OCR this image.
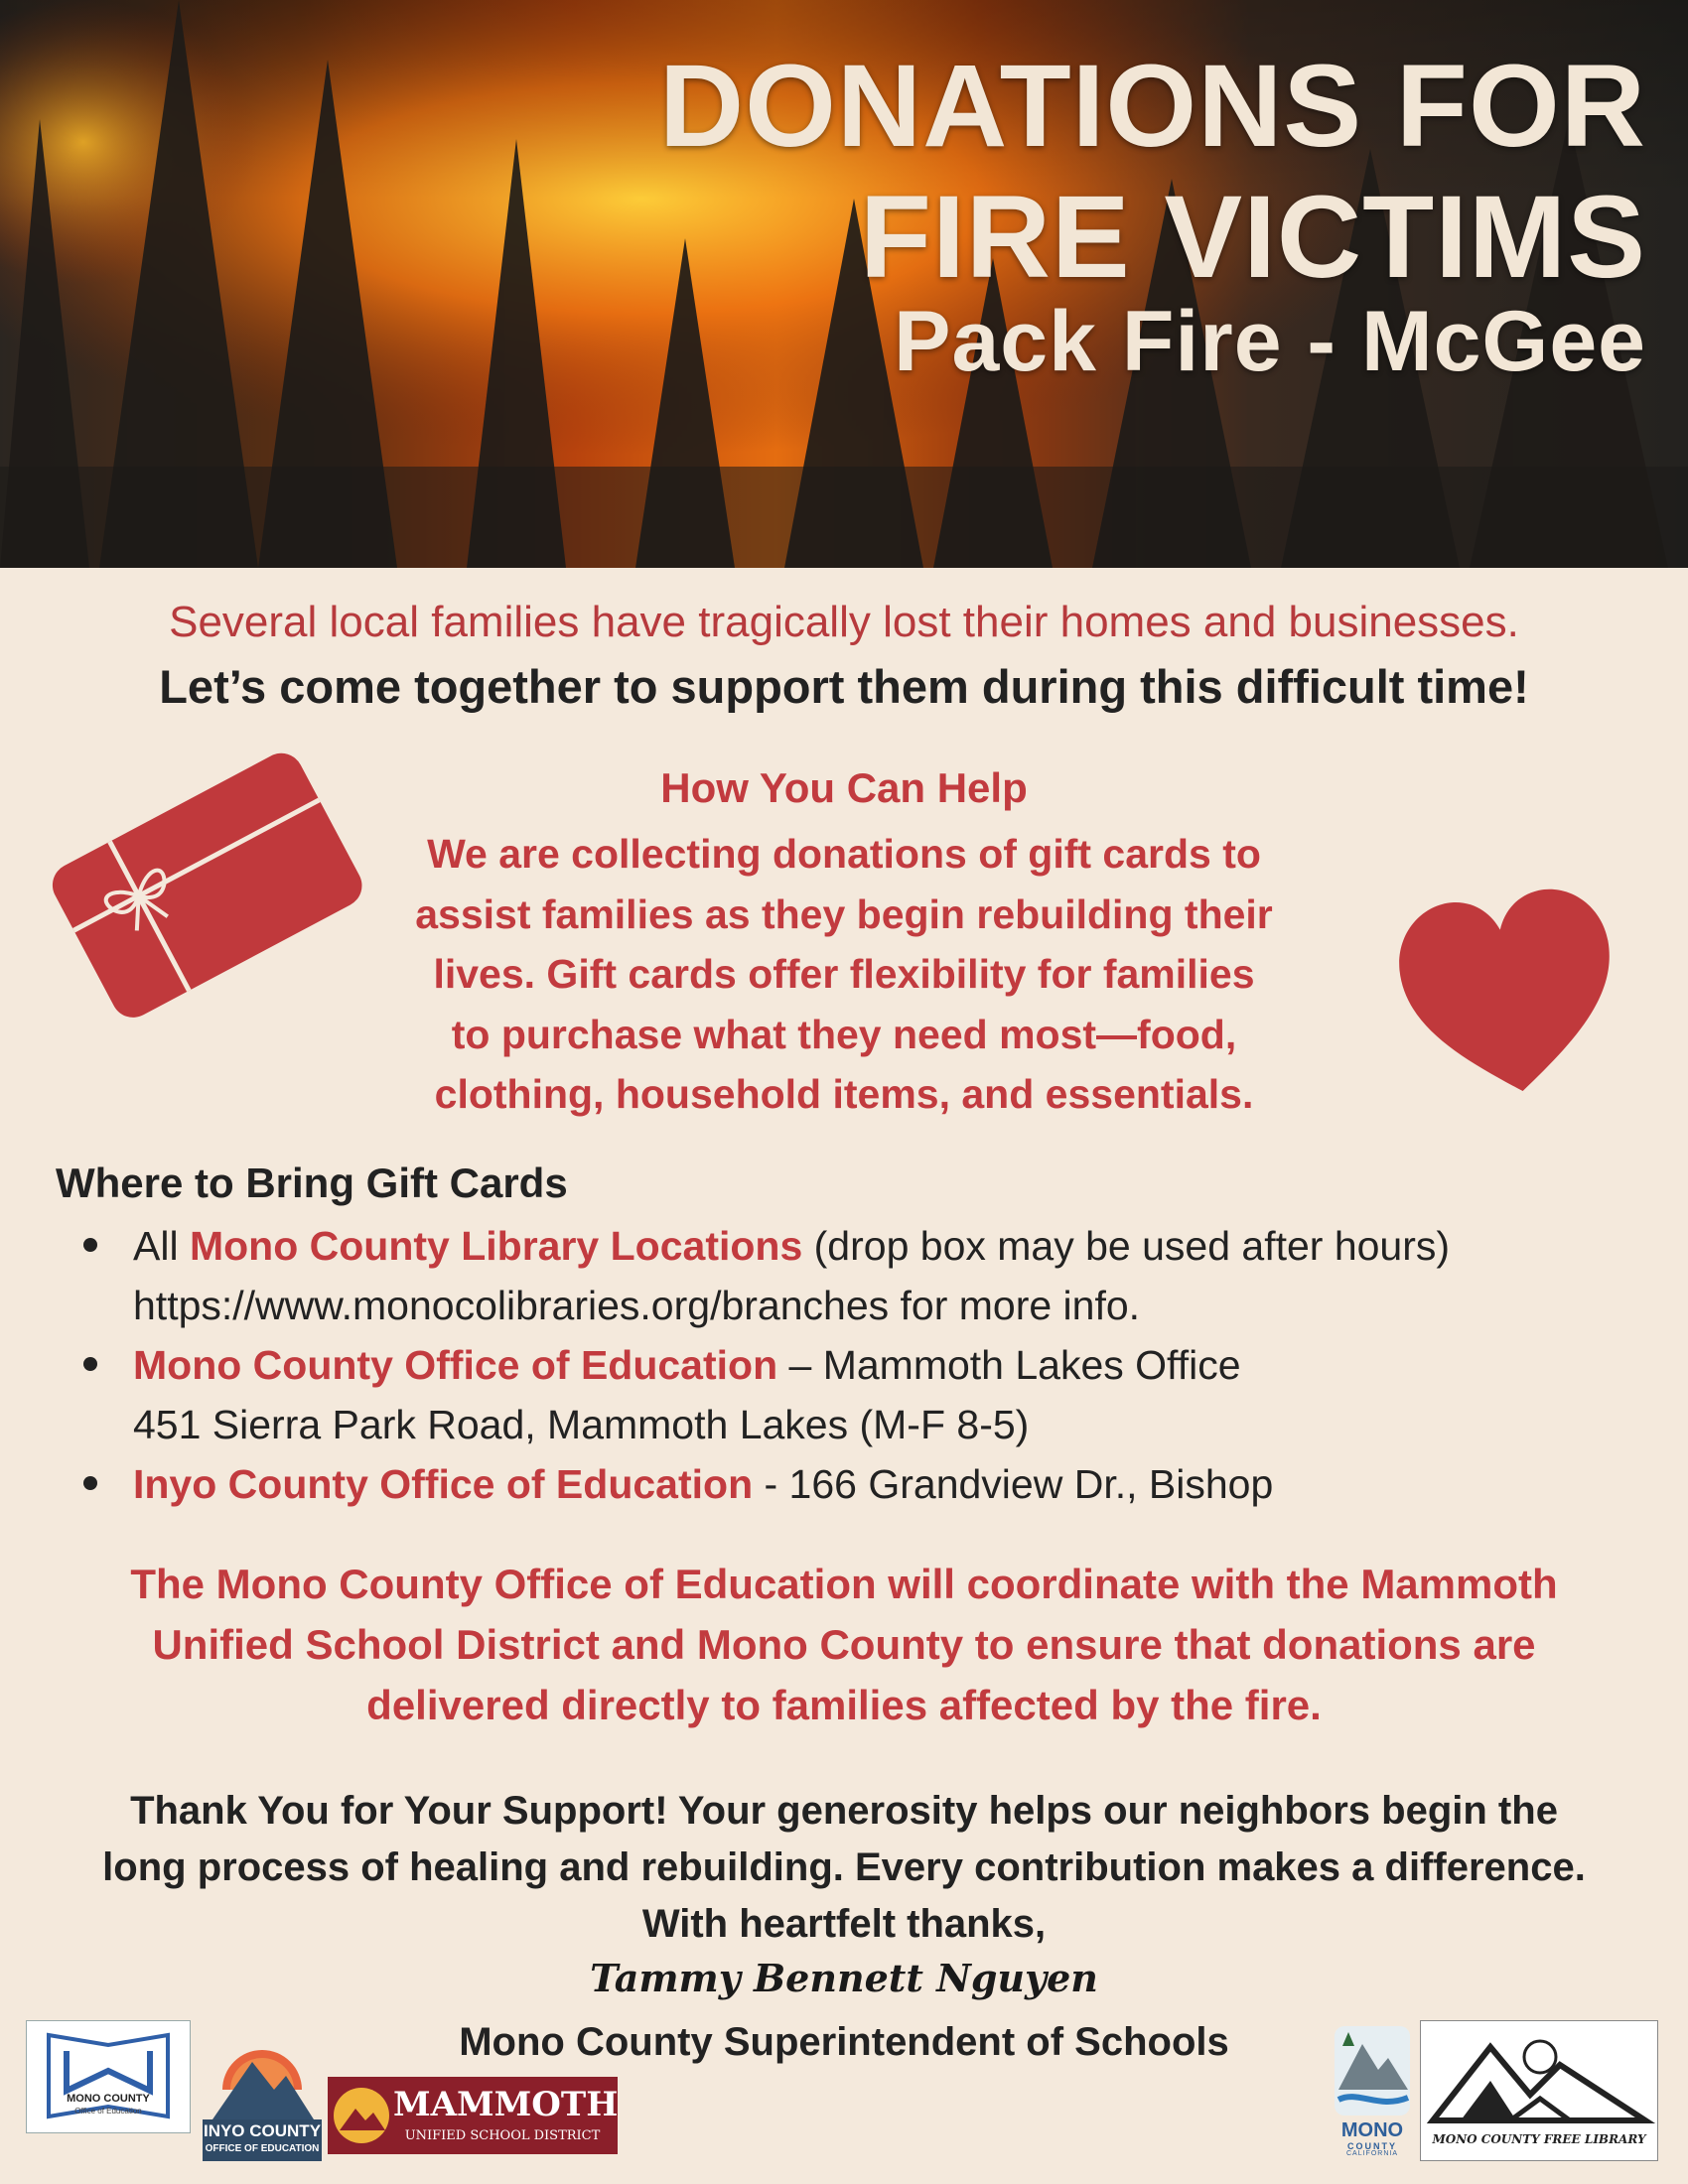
DONATIONS FOR

FIRE VICTIMS

Pack Fire - McGee

Several local families have tragically lost their homes and businesses.

Let’s come together to support them during this difficult time!

How You Can Help

We are collecting donations of gift cards to
assist families as they begin rebuilding their
lives. Gift cards offer flexibility for families
to purchase what they need most—food,
clothing, household items, and essentials.

Where to Bring Gift Cards

All Mono County Library Locations (drop box may be used after hours)
https://www.monocolibraries.org/branches for more info.
Mono County Office of Education – Mammoth Lakes Office
451 Sierra Park Road, Mammoth Lakes (M-F 8-5)
Inyo County Office of Education - 166 Grandview Dr., Bishop
The Mono County Office of Education will coordinate with the Mammoth
Unified School District and Mono County to ensure that donations are
delivered directly to families affected by the fire.
Thank You for Your Support! Your generosity helps our neighbors begin the
long process of healing and rebuilding. Every contribution makes a difference.

With heartfelt thanks,

Tammy Bennett Nguyen

Mono County Superintendent of Schools

MONO COUNTY

Office of Education

INYO COUNTY

OFFICE OF EDUCATION

MAMMOTH

UNIFIED SCHOOL DISTRICT	MONO

COUNTY

CALIFORNIA

MONO COUNTY FREE LIBRARY
